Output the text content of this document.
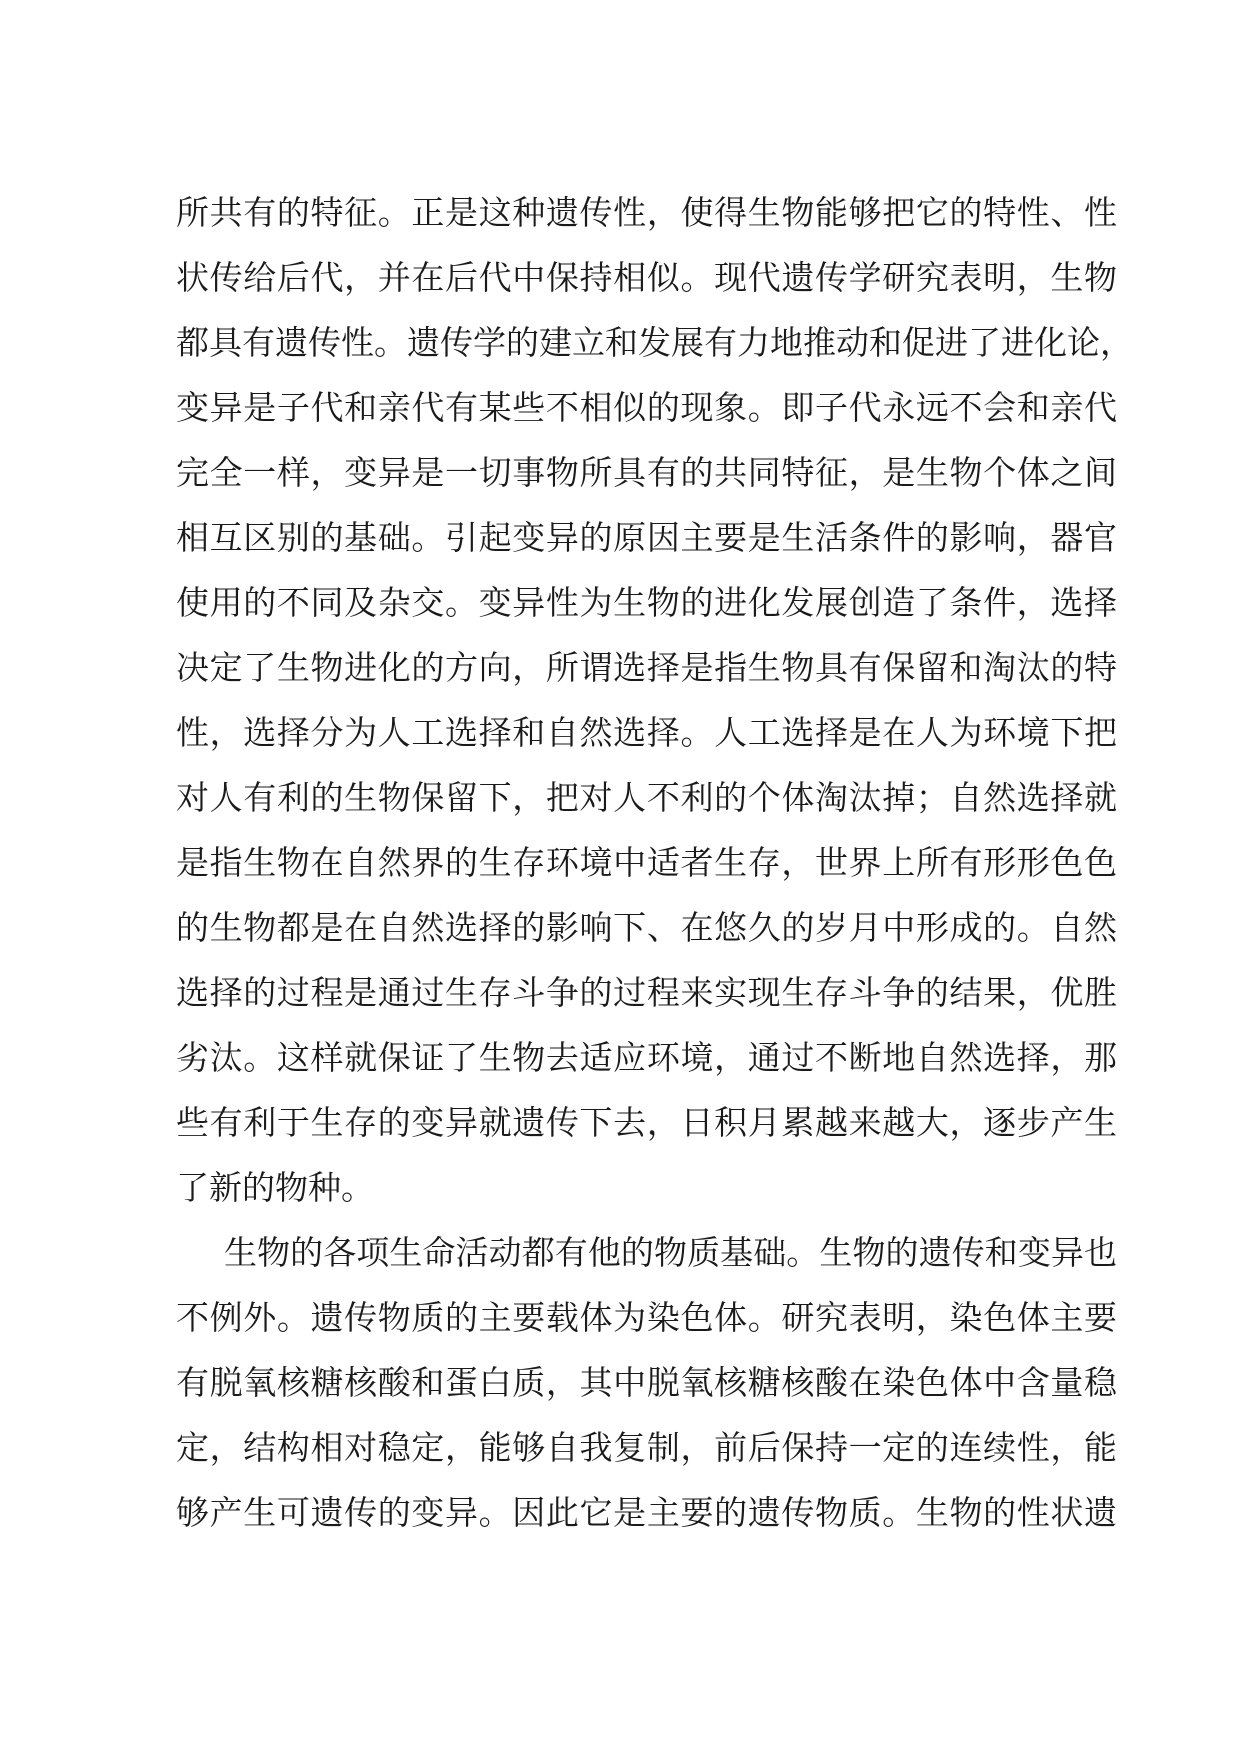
所共有的特征。正是这种遗传性，使得生物能够把它的特性、性
状传给后代，并在后代中保持相似。现代遗传学研究表明，生物
都具有遗传性。遗传学的建立和发展有力地推动和促进了进化论，
变异是子代和亲代有某些不相似的现象。即子代永远不会和亲代
完全一样，变异是一切事物所具有的共同特征，是生物个体之间
相互区别的基础。引起变异的原因主要是生活条件的影响，器官
使用的不同及杂交。变异性为生物的进化发展创造了条件，选择
决定了生物进化的方向，所谓选择是指生物具有保留和淘汰的特
性，选择分为人工选择和自然选择。人工选择是在人为环境下把
对人有利的生物保留下，把对人不利的个体淘汰掉；自然选择就
是指生物在自然界的生存环境中适者生存，世界上所有形形色色
的生物都是在自然选择的影响下、在悠久的岁月中形成的。自然
选择的过程是通过生存斗争的过程来实现生存斗争的结果，优胜
劣汰。这样就保证了生物去适应环境，通过不断地自然选择，那
些有利于生存的变异就遗传下去，日积月累越来越大，逐步产生
了新的物种。
生物的各项生命活动都有他的物质基础。生物的遗传和变异也
不例外。遗传物质的主要载体为染色体。研究表明，染色体主要
有脱氧核糖核酸和蛋白质，其中脱氧核糖核酸在染色体中含量稳
定，结构相对稳定，能够自我复制，前后保持一定的连续性，能
够产生可遗传的变异。因此它是主要的遗传物质。生物的性状遗
